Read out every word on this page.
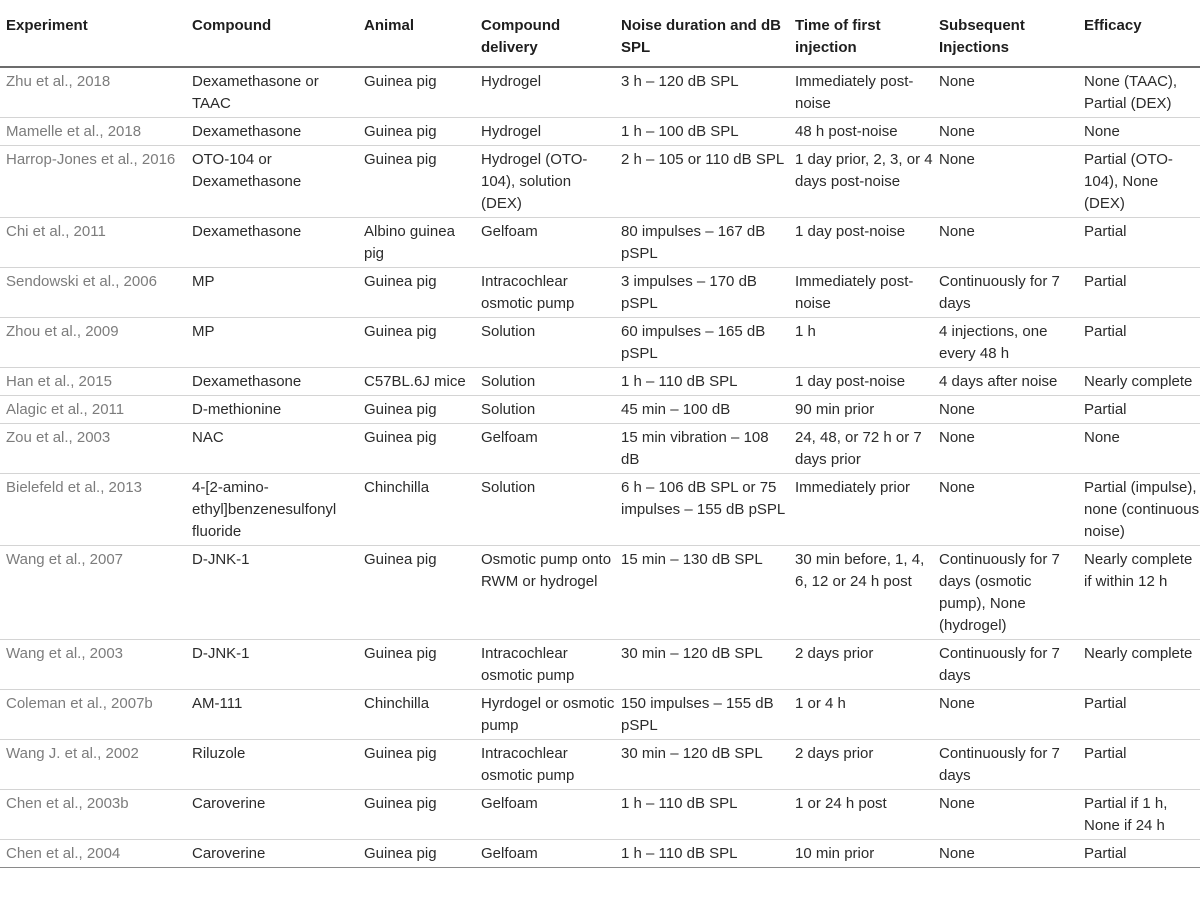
Experiment	Compound	Animal	Compound delivery	Noise duration and dB SPL	Time of first injection	Subsequent Injections	Efficacy
Zhu et al., 2018	Dexamethasone or TAAC	Guinea pig	Hydrogel	3 h – 120 dB SPL	Immediately post-noise	None	None (TAAC), Partial (DEX)
Mamelle et al., 2018	Dexamethasone	Guinea pig	Hydrogel	1 h – 100 dB SPL	48 h post-noise	None	None
Harrop-Jones et al., 2016	OTO-104 or Dexamethasone	Guinea pig	Hydrogel (OTO-104), solution (DEX)	2 h – 105 or 110 dB SPL	1 day prior, 2, 3, or 4 days post-noise	None	Partial (OTO-104), None (DEX)
Chi et al., 2011	Dexamethasone	Albino guinea pig	Gelfoam	80 impulses – 167 dB pSPL	1 day post-noise	None	Partial
Sendowski et al., 2006	MP	Guinea pig	Intracochlear osmotic pump	3 impulses – 170 dB pSPL	Immediately post-noise	Continuously for 7 days	Partial
Zhou et al., 2009	MP	Guinea pig	Solution	60 impulses – 165 dB pSPL	1 h	4 injections, one every 48 h	Partial
Han et al., 2015	Dexamethasone	C57BL.6J mice	Solution	1 h – 110 dB SPL	1 day post-noise	4 days after noise	Nearly complete
Alagic et al., 2011	D-methionine	Guinea pig	Solution	45 min – 100 dB	90 min prior	None	Partial
Zou et al., 2003	NAC	Guinea pig	Gelfoam	15 min vibration – 108 dB	24, 48, or 72 h or 7 days prior	None	None
Bielefeld et al., 2013	4-[2-amino-ethyl]benzenesulfonyl fluoride	Chinchilla	Solution	6 h – 106 dB SPL or 75 impulses – 155 dB pSPL	Immediately prior	None	Partial (impulse), none (continuous noise)
Wang et al., 2007	D-JNK-1	Guinea pig	Osmotic pump onto RWM or hydrogel	15 min – 130 dB SPL	30 min before, 1, 4, 6, 12 or 24 h post	Continuously for 7 days (osmotic pump), None (hydrogel)	Nearly complete if within 12 h
Wang et al., 2003	D-JNK-1	Guinea pig	Intracochlear osmotic pump	30 min – 120 dB SPL	2 days prior	Continuously for 7 days	Nearly complete
Coleman et al., 2007b	AM-111	Chinchilla	Hyrdogel or osmotic pump	150 impulses – 155 dB pSPL	1 or 4 h	None	Partial
Wang J. et al., 2002	Riluzole	Guinea pig	Intracochlear osmotic pump	30 min – 120 dB SPL	2 days prior	Continuously for 7 days	Partial
Chen et al., 2003b	Caroverine	Guinea pig	Gelfoam	1 h – 110 dB SPL	1 or 24 h post	None	Partial if 1 h, None if 24 h
Chen et al., 2004	Caroverine	Guinea pig	Gelfoam	1 h – 110 dB SPL	10 min prior	None	Partial
